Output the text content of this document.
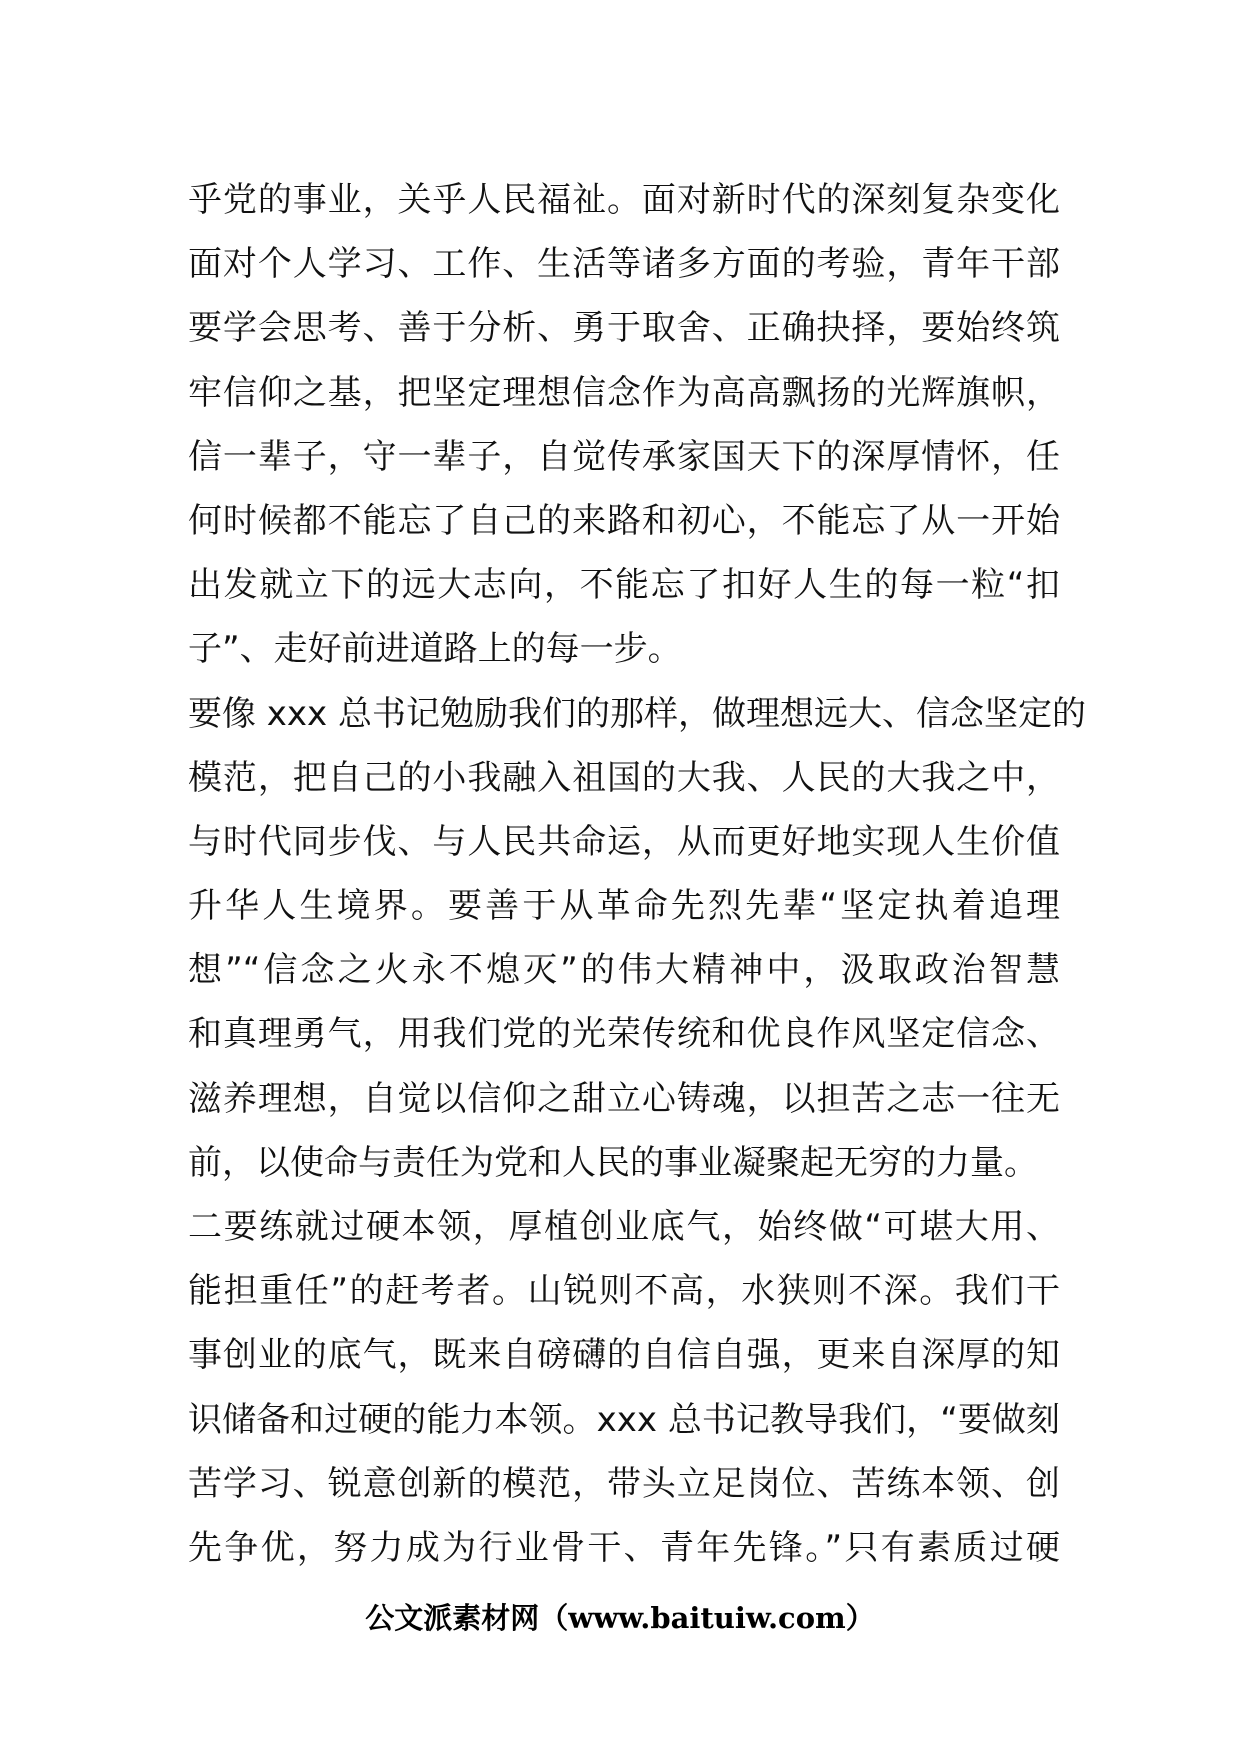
乎党的事业，关乎人民福祉。面对新时代的深刻复杂变化
面对个人学习、工作、生活等诸多方面的考验，青年干部
要学会思考、善于分析、勇于取舍、正确抉择，要始终筑
牢信仰之基，把坚定理想信念作为高高飘扬的光辉旗帜，
信一辈子，守一辈子，自觉传承家国天下的深厚情怀，任
何时候都不能忘了自己的来路和初心，不能忘了从一开始
出发就立下的远大志向，不能忘了扣好人生的每一粒“扣
子”、走好前进道路上的每一步。
要像 xxx 总书记勉励我们的那样，做理想远大、信念坚定的
模范，把自己的小我融入祖国的大我、人民的大我之中，
与时代同步伐、与人民共命运，从而更好地实现人生价值
升华人生境界。要善于从革命先烈先辈“坚定执着追理
想”“信念之火永不熄灭”的伟大精神中，汲取政治智慧
和真理勇气，用我们党的光荣传统和优良作风坚定信念、
滋养理想，自觉以信仰之甜立心铸魂，以担苦之志一往无
前，以使命与责任为党和人民的事业凝聚起无穷的力量。
二要练就过硬本领，厚植创业底气，始终做“可堪大用、
能担重任”的赶考者。山锐则不高，水狭则不深。我们干
事创业的底气，既来自磅礴的自信自强，更来自深厚的知
识储备和过硬的能力本领。xxx 总书记教导我们，“要做刻
苦学习、锐意创新的模范，带头立足岗位、苦练本领、创
先争优，努力成为行业骨干、青年先锋。”只有素质过硬
公文派素材网（www.baituiw.com）
